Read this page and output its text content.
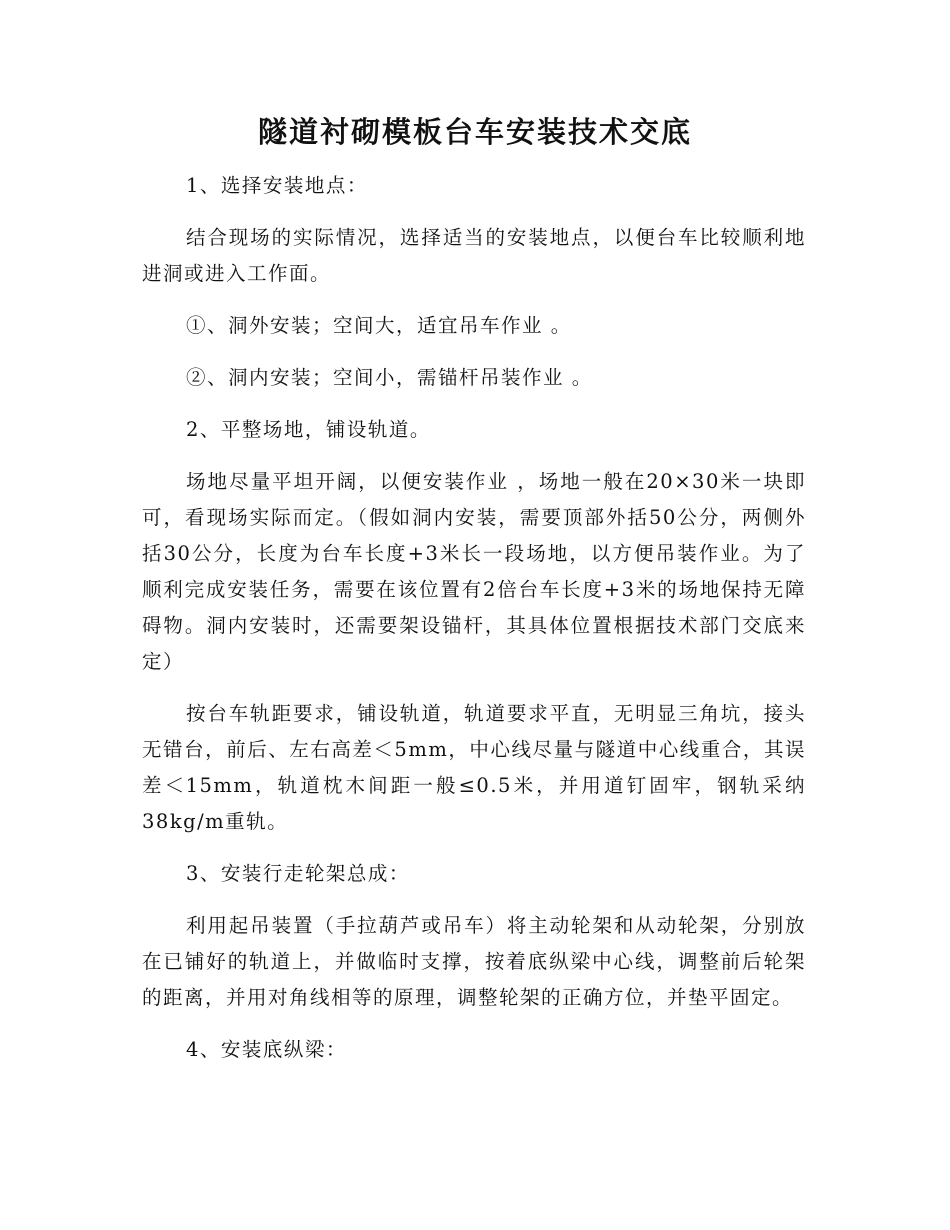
隧道衬砌模板台车安装技术交底

1、选择安装地点：

结合现场的实际情况，选择适当的安装地点，以便台车比较顺利地进洞或进入工作面。

①、洞外安装；空间大，适宜吊车作业 。

②、洞内安装；空间小，需锚杆吊装作业 。

2、平整场地，铺设轨道。

场地尽量平坦开阔，以便安装作业 ，场地一般在20×30米一块即可，看现场实际而定。（假如洞内安装，需要顶部外括50公分，两侧外括30公分，长度为台车长度+3米长一段场地，以方便吊装作业。为了顺利完成安装任务，需要在该位置有2倍台车长度+3米的场地保持无障碍物。洞内安装时，还需要架设锚杆，其具体位置根据技术部门交底来定）

按台车轨距要求，铺设轨道，轨道要求平直，无明显三角坑，接头无错台，前后、左右高差＜5mm，中心线尽量与隧道中心线重合，其误差＜15mm，轨道枕木间距一般≤0.5米，并用道钉固牢，钢轨采纳38kg/m重轨。

3、安装行走轮架总成：

利用起吊装置（手拉葫芦或吊车）将主动轮架和从动轮架，分别放在已铺好的轨道上，并做临时支撑，按着底纵梁中心线，调整前后轮架的距离，并用对角线相等的原理，调整轮架的正确方位，并垫平固定。

4、安装底纵梁：
